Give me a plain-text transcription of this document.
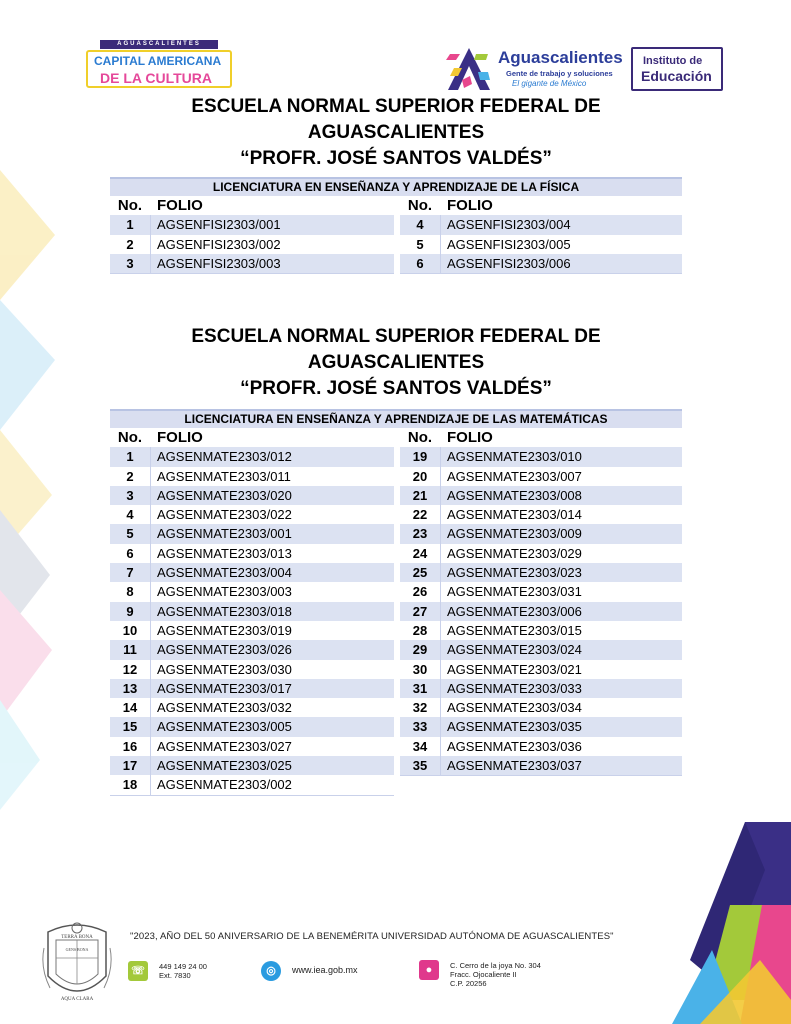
AGUASCALIENTES
CAPITAL AMERICANA
DE LA CULTURA
Aguascalientes
Gente de trabajo y soluciones
El gigante de México
Instituto de
Educación
ESCUELA NORMAL SUPERIOR FEDERAL DE
AGUASCALIENTES
“PROFR. JOSÉ SANTOS VALDÉS”
LICENCIATURA EN ENSEÑANZA Y APRENDIZAJE DE LA FÍSICA
No. FOLIO
1	AGSENFISI2303/001
2	AGSENFISI2303/002
3	AGSENFISI2303/003
No. FOLIO
4	AGSENFISI2303/004
5	AGSENFISI2303/005
6	AGSENFISI2303/006
ESCUELA NORMAL SUPERIOR FEDERAL DE
AGUASCALIENTES
“PROFR. JOSÉ SANTOS VALDÉS”
LICENCIATURA EN ENSEÑANZA Y APRENDIZAJE DE LAS MATEMÁTICAS
No. FOLIO
1	AGSENMATE2303/012
2	AGSENMATE2303/011
3	AGSENMATE2303/020
4	AGSENMATE2303/022
5	AGSENMATE2303/001
6	AGSENMATE2303/013
7	AGSENMATE2303/004
8	AGSENMATE2303/003
9	AGSENMATE2303/018
10	AGSENMATE2303/019
11	AGSENMATE2303/026
12	AGSENMATE2303/030
13	AGSENMATE2303/017
14	AGSENMATE2303/032
15	AGSENMATE2303/005
16	AGSENMATE2303/027
17	AGSENMATE2303/025
18	AGSENMATE2303/002
No. FOLIO
19	AGSENMATE2303/010
20	AGSENMATE2303/007
21	AGSENMATE2303/008
22	AGSENMATE2303/014
23	AGSENMATE2303/009
24	AGSENMATE2303/029
25	AGSENMATE2303/023
26	AGSENMATE2303/031
27	AGSENMATE2303/006
28	AGSENMATE2303/015
29	AGSENMATE2303/024
30	AGSENMATE2303/021
31	AGSENMATE2303/033
32	AGSENMATE2303/034
33	AGSENMATE2303/035
34	AGSENMATE2303/036
35	AGSENMATE2303/037
TERRA BONA
GENS BONA
AQUA CLARA
"2023, AÑO DEL 50 ANIVERSARIO DE LA BENEMÉRITA UNIVERSIDAD AUTÓNOMA DE AGUASCALIENTES"
☏	449 149 24 00
Ext. 7830	◎	www.iea.gob.mx	●	C. Cerro de la joya No. 304
Fracc. Ojocaliente II
C.P. 20256
